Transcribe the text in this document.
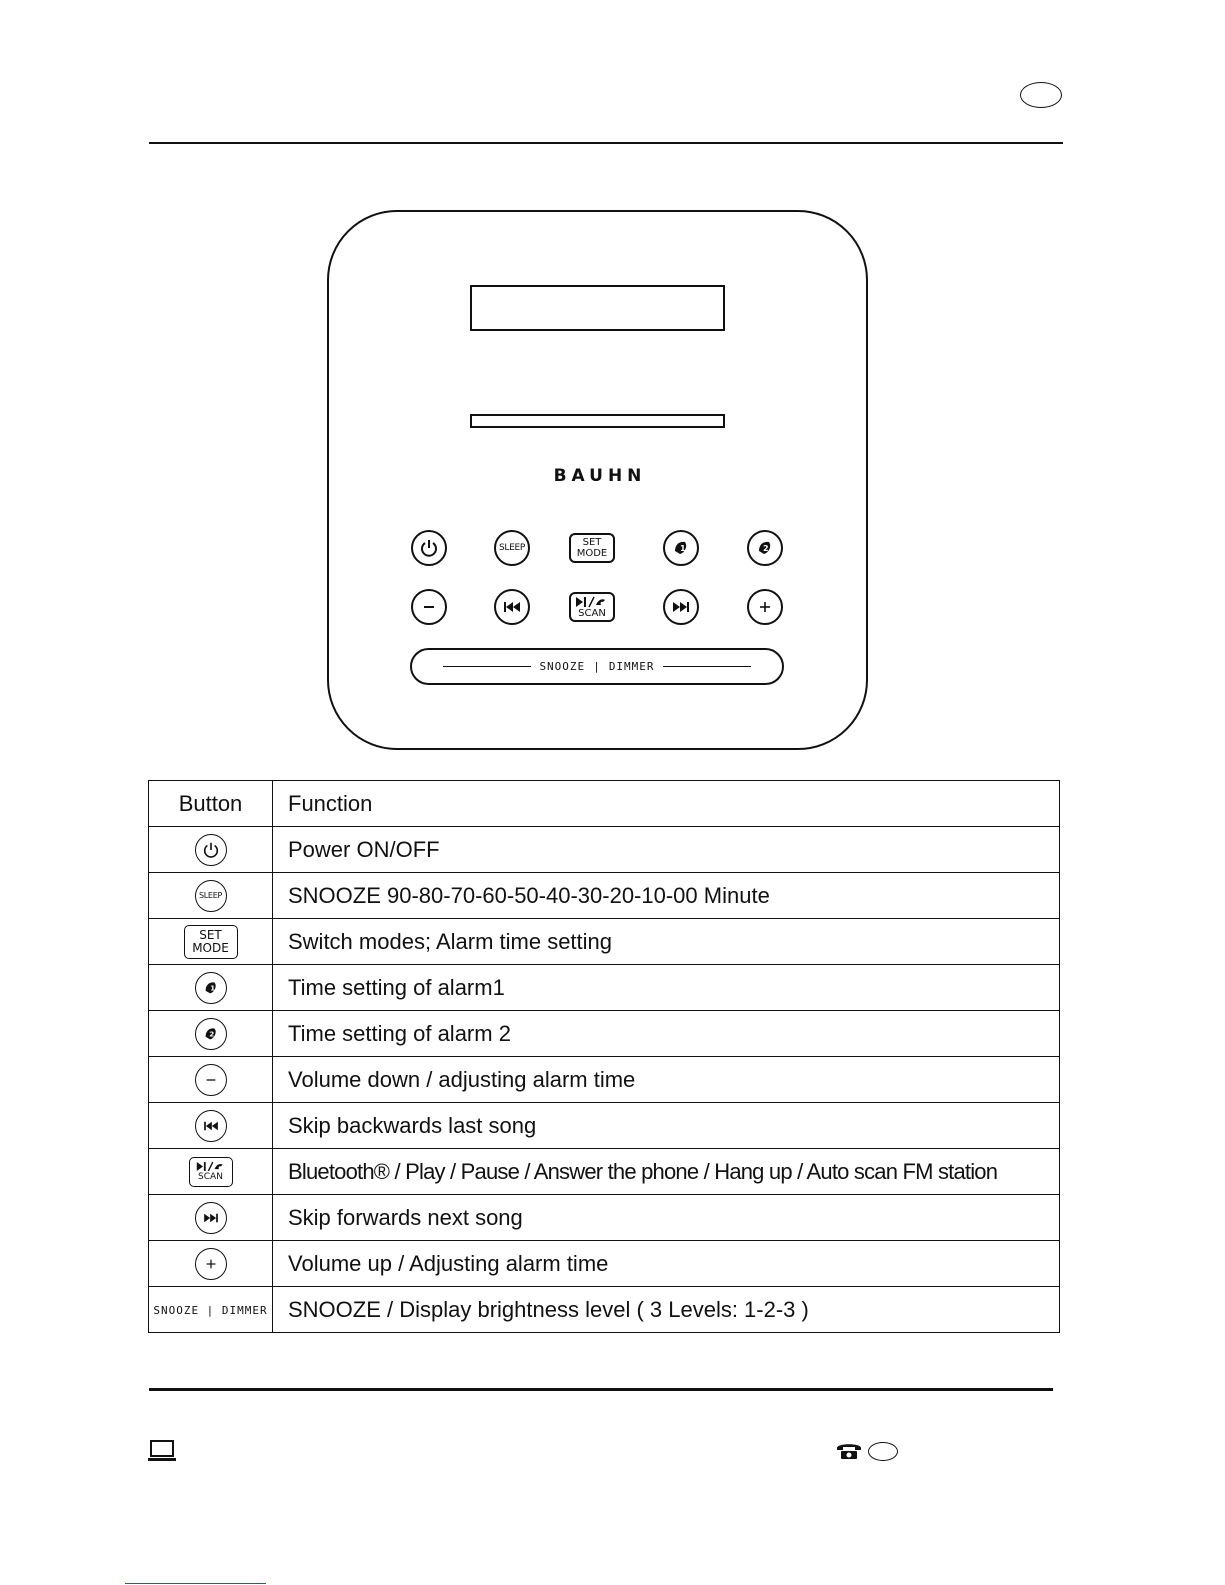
BAUHN
SLEEP	SET
MODE	1	2
SCAN
SNOOZE | DIMMER
Button	Function

	Power ON/OFF

SLEEP	SNOOZE 90-80-70-60-50-40-30-20-10-00 Minute

SET
MODE	Switch modes; Alarm time setting

1	Time setting of alarm1

2	Time setting of alarm 2

	Volume down / adjusting alarm time

	Skip backwards last song

SCAN	Bluetooth® / Play / Pause / Answer the phone / Hang up / Auto scan FM station

	Skip forwards next song

	Volume up / Adjusting alarm time
SNOOZE | DIMMER	SNOOZE / Display brightness level ( 3 Levels: 1-2-3 )
